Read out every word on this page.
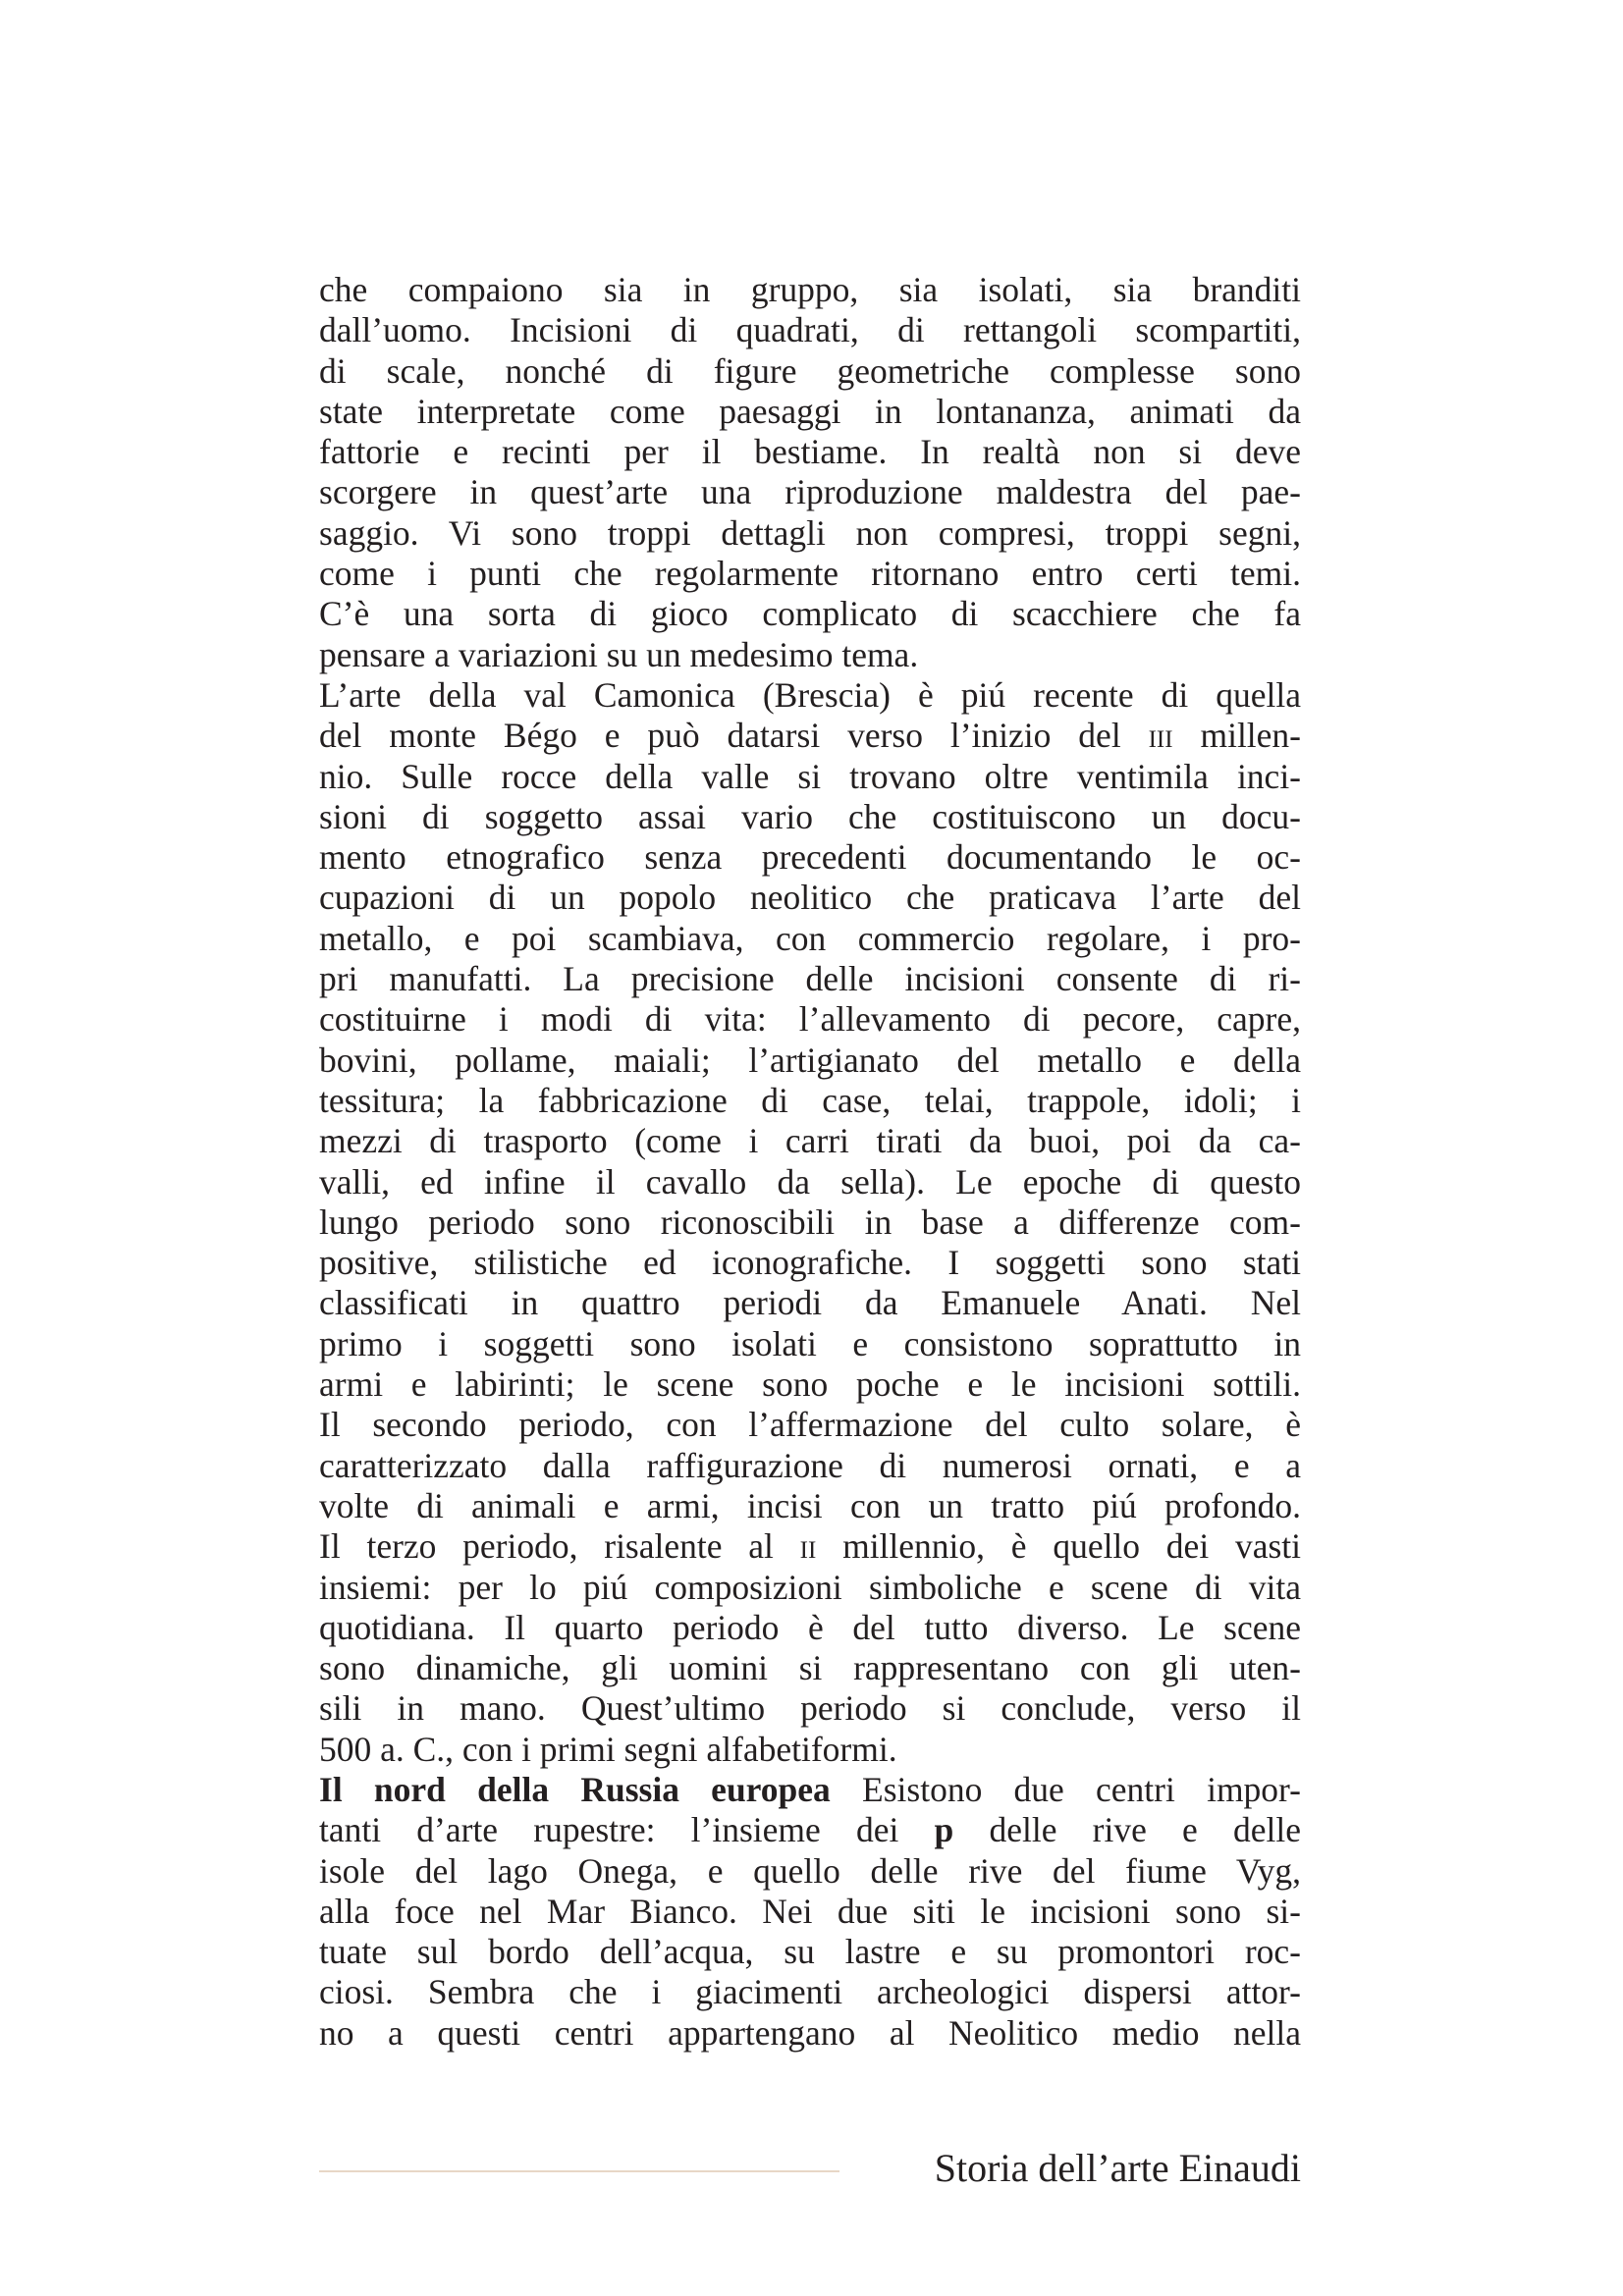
che compaiono sia in gruppo, sia isolati, sia branditi
dall’uomo. Incisioni di quadrati, di rettangoli scompartiti,
di scale, nonché di figure geometriche complesse sono
state interpretate come paesaggi in lontananza, animati da
fattorie e recinti per il bestiame. In realtà non si deve
scorgere in quest’arte una riproduzione maldestra del pae-
saggio. Vi sono troppi dettagli non compresi, troppi segni,
come i punti che regolarmente ritornano entro certi temi.
C’è una sorta di gioco complicato di scacchiere che fa
pensare a variazioni su un medesimo tema.
L’arte della val Camonica (Brescia) è piú recente di quella
del monte Bégo e può datarsi verso l’inizio del iii millen-
nio. Sulle rocce della valle si trovano oltre ventimila inci-
sioni di soggetto assai vario che costituiscono un docu-
mento etnografico senza precedenti documentando le oc-
cupazioni di un popolo neolitico che praticava l’arte del
metallo, e poi scambiava, con commercio regolare, i pro-
pri manufatti. La precisione delle incisioni consente di ri-
costituirne i modi di vita: l’allevamento di pecore, capre,
bovini, pollame, maiali; l’artigianato del metallo e della
tessitura; la fabbricazione di case, telai, trappole, idoli; i
mezzi di trasporto (come i carri tirati da buoi, poi da ca-
valli, ed infine il cavallo da sella). Le epoche di questo
lungo periodo sono riconoscibili in base a differenze com-
positive, stilistiche ed iconografiche. I soggetti sono stati
classificati in quattro periodi da Emanuele Anati. Nel
primo i soggetti sono isolati e consistono soprattutto in
armi e labirinti; le scene sono poche e le incisioni sottili.
Il secondo periodo, con l’affermazione del culto solare, è
caratterizzato dalla raffigurazione di numerosi ornati, e a
volte di animali e armi, incisi con un tratto piú profondo.
Il terzo periodo, risalente al ii millennio, è quello dei vasti
insiemi: per lo piú composizioni simboliche e scene di vita
quotidiana. Il quarto periodo è del tutto diverso. Le scene
sono dinamiche, gli uomini si rappresentano con gli uten-
sili in mano. Quest’ultimo periodo si conclude, verso il
500 a. C., con i primi segni alfabetiformi.
Il nord della Russia europea Esistono due centri impor-
tanti d’arte rupestre: l’insieme dei p delle rive e delle
isole del lago Onega, e quello delle rive del fiume Vyg,
alla foce nel Mar Bianco. Nei due siti le incisioni sono si-
tuate sul bordo dell’acqua, su lastre e su promontori roc-
ciosi. Sembra che i giacimenti archeologici dispersi attor-
no a questi centri appartengano al Neolitico medio nella
Storia dell’arte Einaudi
